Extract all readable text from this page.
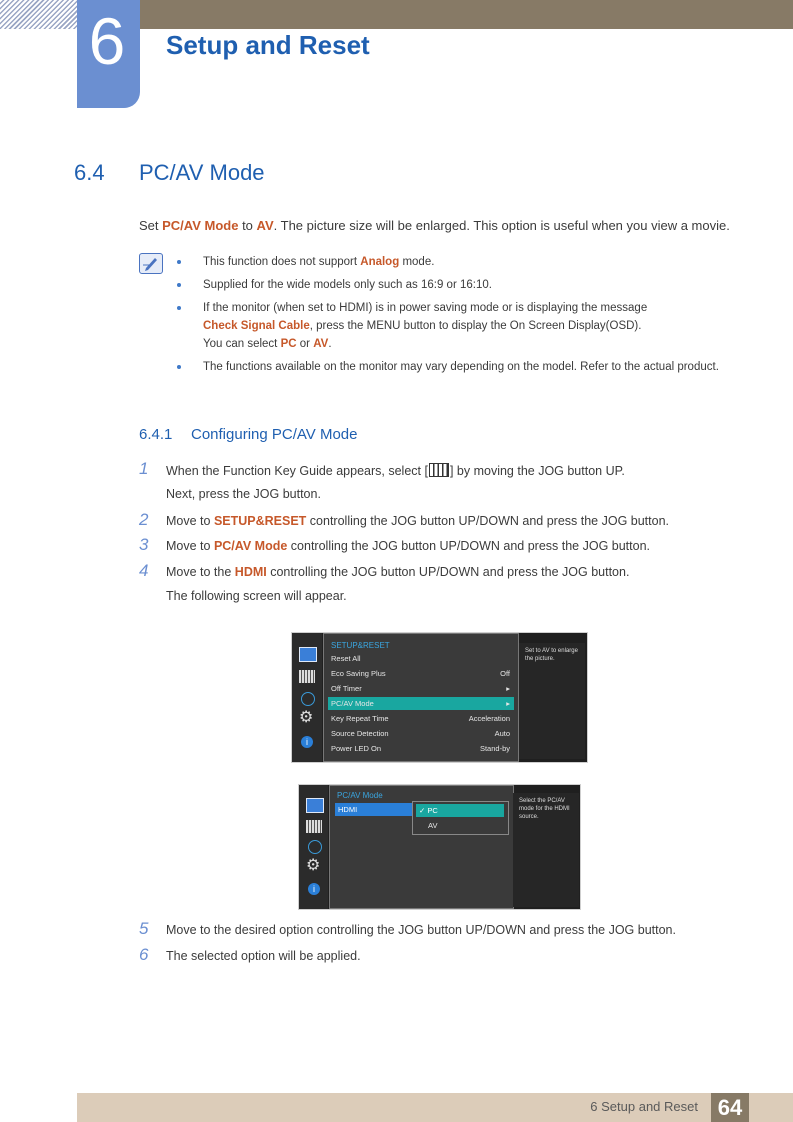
6	Setup and Reset
6.4 PC/AV Mode
Set PC/AV Mode to AV. The picture size will be enlarged. This option is useful when you view a movie.
This function does not support Analog mode.
Supplied for the wide models only such as 16:9 or 16:10.
If the monitor (when set to HDMI) is in power saving mode or is displaying the message
Check Signal Cable, press the MENU button to display the On Screen Display(OSD).
You can select PC or AV.
The functions available on the monitor may vary depending on the model. Refer to the actual product.
6.4.1 Configuring PC/AV Mode
1 When the Function Key Guide appears, select [ ] by moving the JOG button UP.
Next, press the JOG button.
2 Move to SETUP&RESET controlling the JOG button UP/DOWN and press the JOG button.
3 Move to PC/AV Mode controlling the JOG button UP/DOWN and press the JOG button.
4 Move to the HDMI controlling the JOG button UP/DOWN and press the JOG button.
The following screen will appear.
⚙
i
SETUP&RESET
Reset All
Eco Saving Plus	Off
Off Timer	▸
PC/AV Mode	▸
Key Repeat Time	Acceleration
Source Detection	Auto
Power LED On	Stand-by
Set to AV to enlarge the picture.
⚙
i
PC/AV Mode
HDMI	✓ PC
AV
Select the PC/AV mode for the HDMI source.
5 Move to the desired option controlling the JOG button UP/DOWN and press the JOG button.
6 The selected option will be applied.
6 Setup and Reset 64
